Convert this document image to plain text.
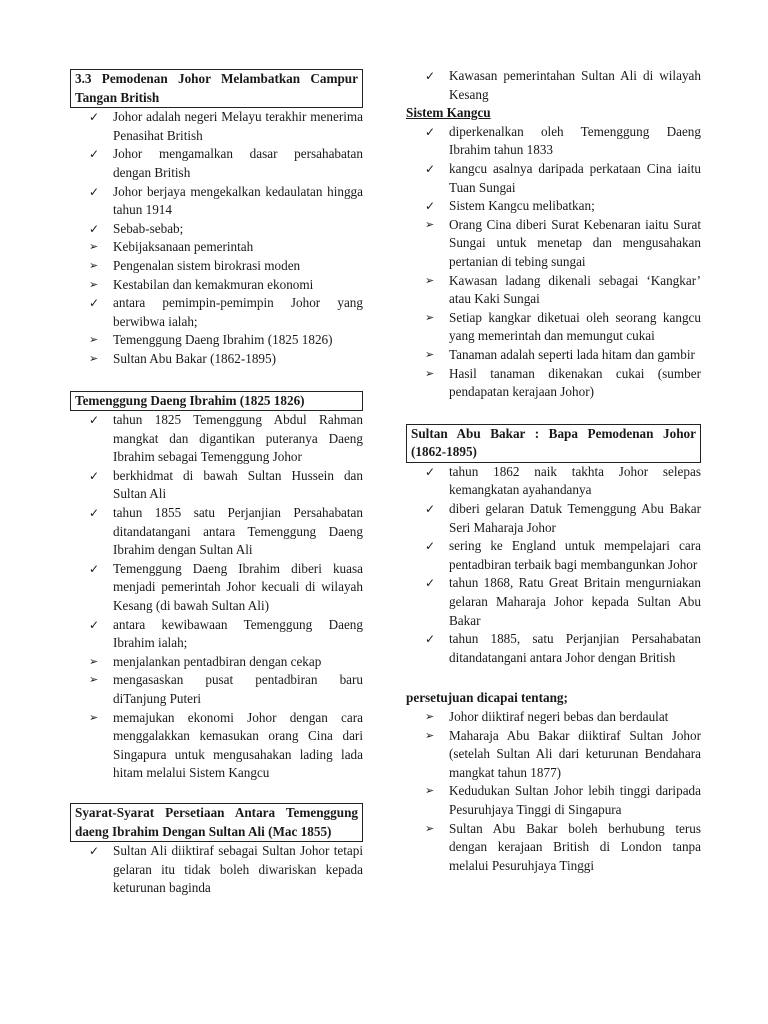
3.3 Pemodenan Johor Melambatkan Campur Tangan British
✓	Johor adalah negeri Melayu terakhir menerima Penasihat British
✓	Johor mengamalkan dasar persahabatan dengan British
✓	Johor berjaya mengekalkan kedaulatan hingga tahun 1914
✓	Sebab-sebab;
➢	Kebijaksanaan pemerintah
➢	Pengenalan sistem birokrasi moden
➢	Kestabilan dan kemakmuran ekonomi
✓	antara pemimpin-pemimpin Johor yang berwibwa ialah;
➢	Temenggung Daeng Ibrahim (1825 1826)
➢	Sultan Abu Bakar (1862-1895)
Temenggung Daeng Ibrahim (1825 1826)
✓	tahun 1825 Temenggung Abdul Rahman mangkat dan digantikan puteranya Daeng Ibrahim sebagai Temenggung Johor
✓	berkhidmat di bawah Sultan Hussein dan Sultan Ali
✓	tahun 1855 satu Perjanjian Persahabatan ditandatangani antara Temenggung Daeng Ibrahim dengan Sultan Ali
✓	Temenggung Daeng Ibrahim diberi kuasa menjadi pemerintah Johor kecuali di wilayah Kesang (di bawah Sultan Ali)
✓	antara kewibawaan Temenggung Daeng Ibrahim ialah;
➢	menjalankan pentadbiran dengan cekap
➢	mengasaskan pusat pentadbiran baru diTanjung Puteri
➢	memajukan ekonomi Johor dengan cara menggalakkan kemasukan orang Cina dari Singapura untuk mengusahakan lading lada hitam melalui Sistem Kangcu
Syarat-Syarat Persetiaan Antara Temenggung daeng Ibrahim Dengan Sultan Ali (Mac 1855)
✓	Sultan Ali diiktiraf sebagai Sultan Johor tetapi gelaran itu tidak boleh diwariskan kepada keturunan baginda
✓	Kawasan pemerintahan Sultan Ali di wilayah Kesang
Sistem Kangcu
✓	diperkenalkan oleh Temenggung Daeng Ibrahim tahun 1833
✓	kangcu asalnya daripada perkataan Cina iaitu Tuan Sungai
✓	Sistem Kangcu melibatkan;
➢	Orang Cina diberi Surat Kebenaran iaitu Surat Sungai untuk menetap dan mengusahakan pertanian di tebing sungai
➢	Kawasan ladang dikenali sebagai ‘Kangkar’ atau Kaki Sungai
➢	Setiap kangkar diketuai oleh seorang kangcu yang memerintah dan memungut cukai
➢	Tanaman adalah seperti lada hitam dan gambir
➢	Hasil tanaman dikenakan cukai (sumber pendapatan kerajaan Johor)
Sultan Abu Bakar : Bapa Pemodenan Johor (1862-1895)
✓	tahun 1862 naik takhta Johor selepas kemangkatan ayahandanya
✓	diberi gelaran Datuk Temenggung Abu Bakar Seri Maharaja Johor
✓	sering ke England untuk mempelajari cara pentadbiran terbaik bagi membangunkan Johor
✓	tahun 1868, Ratu Great Britain mengurniakan gelaran Maharaja Johor kepada Sultan Abu Bakar
✓	tahun 1885, satu Perjanjian Persahabatan ditandatangani antara Johor dengan British
persetujuan dicapai tentang;
➢	Johor diiktiraf negeri bebas dan berdaulat
➢	Maharaja Abu Bakar diiktiraf Sultan Johor (setelah Sultan Ali dari keturunan Bendahara mangkat tahun 1877)
➢	Kedudukan Sultan Johor lebih tinggi daripada Pesuruhjaya Tinggi di Singapura
➢	Sultan Abu Bakar boleh berhubung terus dengan kerajaan British di London tanpa melalui Pesuruhjaya Tinggi
